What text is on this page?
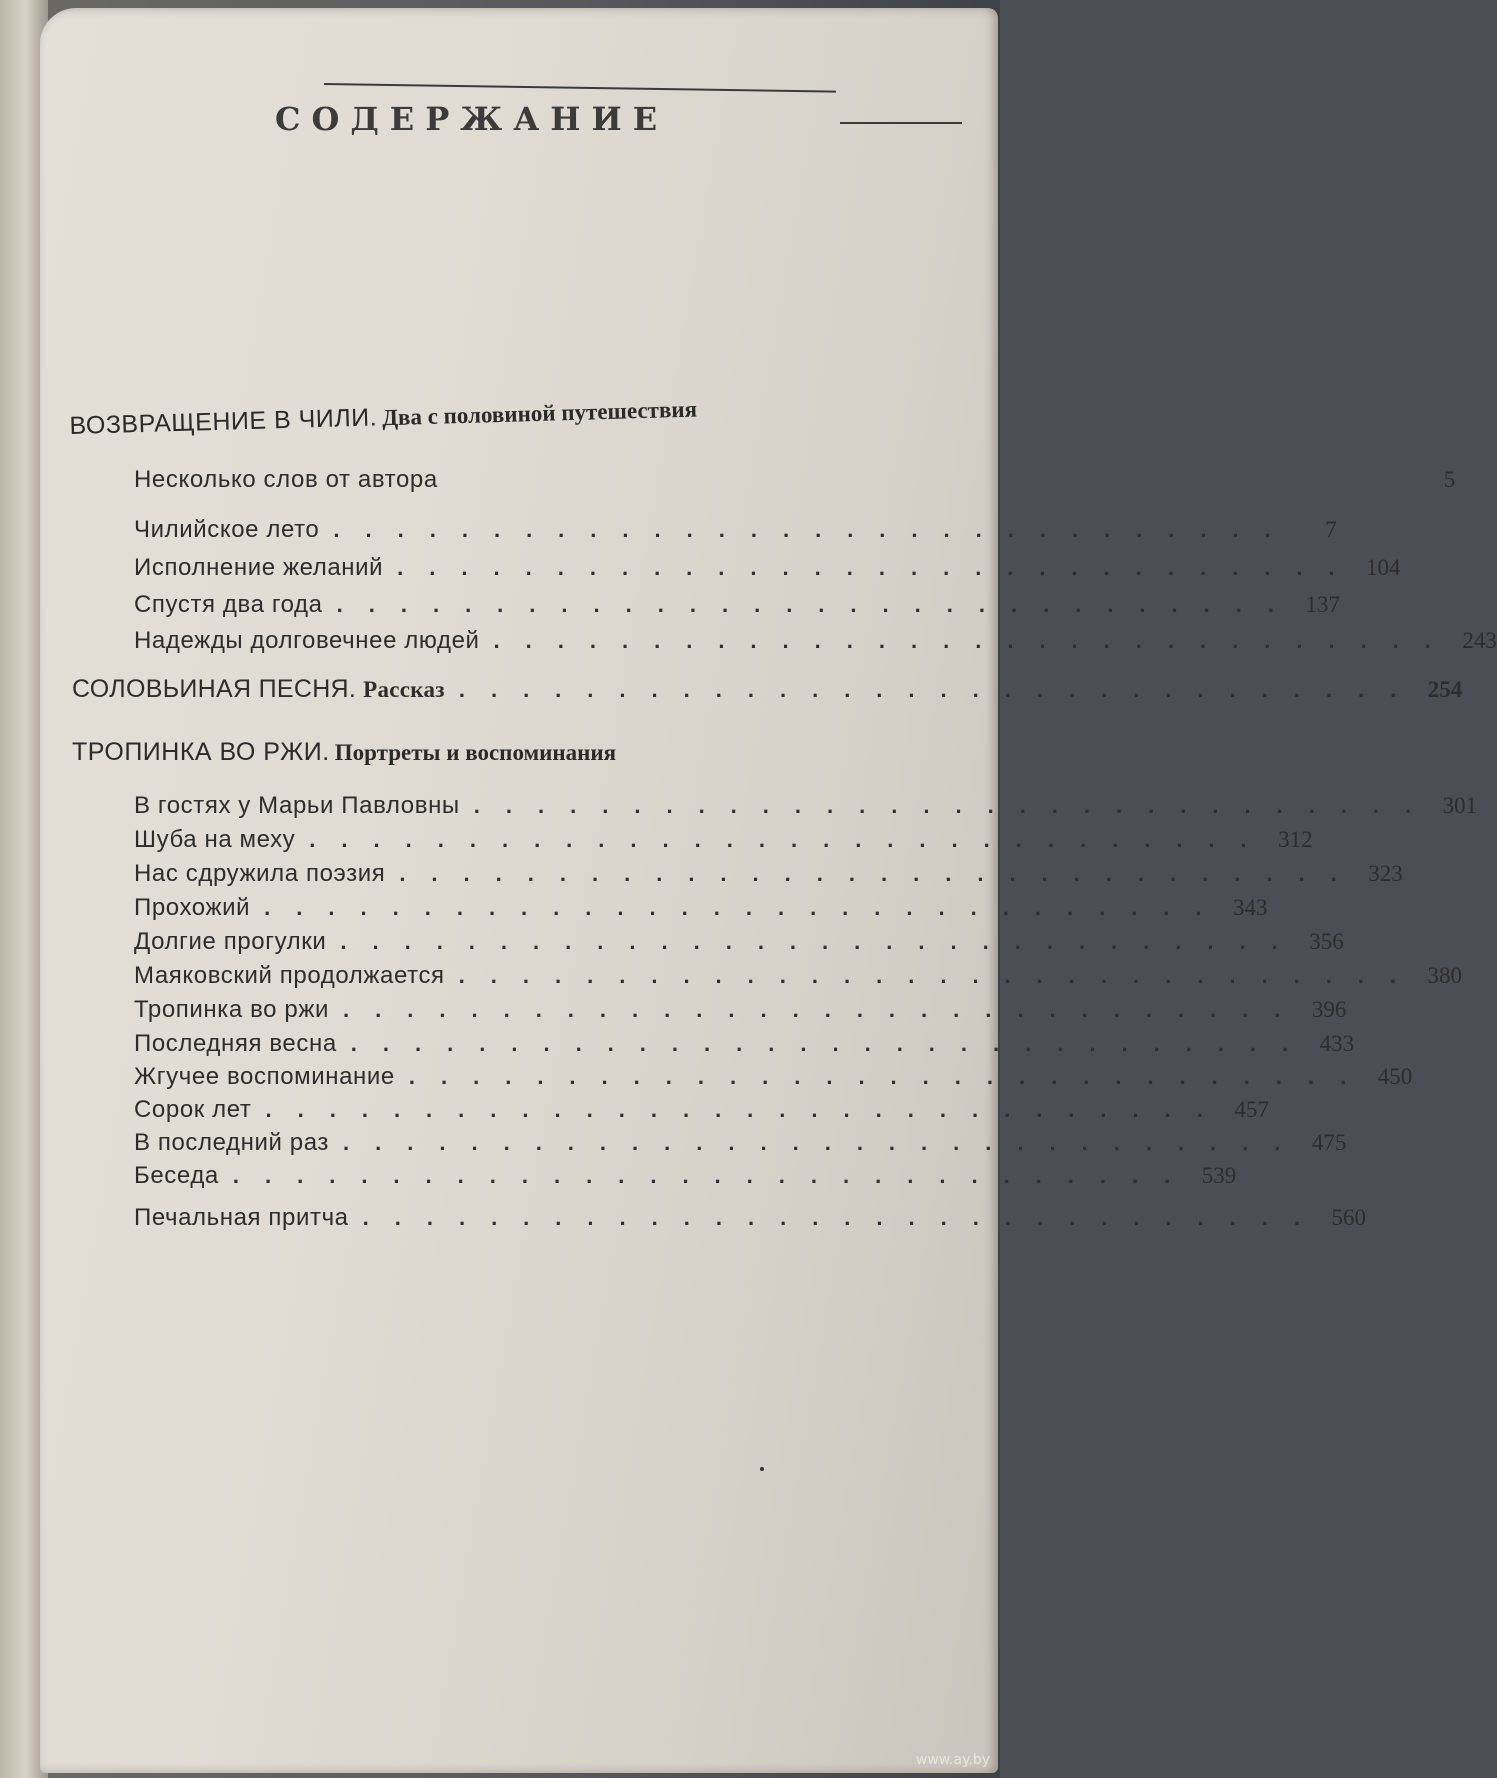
СОДЕРЖАНИЕ
ВОЗВРАЩЕНИЕ В ЧИЛИ. Два с половиной путешествия
Несколько слов от автора	5
Чилийское лето ..............................	7
Исполнение желаний .............................. 104
Спустя два года .............................. 137
Надежды долговечнее людей .............................. 243
СОЛОВЬИНАЯ ПЕСНЯ. Рассказ .............................. 254
ТРОПИНКА ВО РЖИ. Портреты и воспоминания
В гостях у Марьи Павловны .............................. 301
Шуба на меху .............................. 312
Нас сдружила поэзия .............................. 323
Прохожий .............................. 343
Долгие прогулки .............................. 356
Маяковский продолжается .............................. 380
Тропинка во ржи .............................. 396
Последняя весна .............................. 433
Жгучее воспоминание .............................. 450
Сорок лет .............................. 457
В последний раз .............................. 475
Беседа .............................. 539
Печальная притча .............................. 560
www.ay.by
